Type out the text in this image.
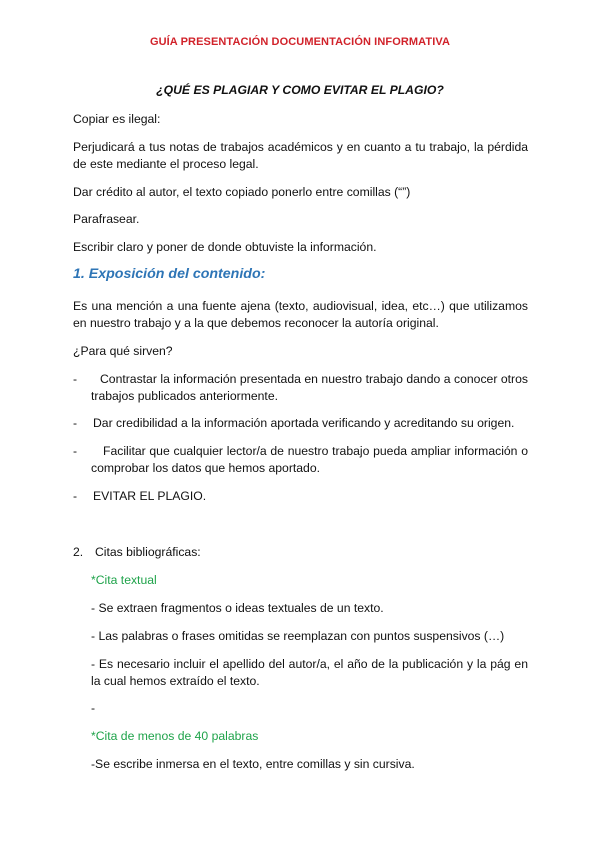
GUÍA PRESENTACIÓN DOCUMENTACIÓN INFORMATIVA
¿QUÉ ES PLAGIAR Y COMO EVITAR EL PLAGIO?
Copiar es ilegal:
Perjudicará a tus notas de trabajos académicos y en cuanto a tu trabajo, la pérdida
de este mediante el proceso legal.
Dar crédito al autor, el texto copiado ponerlo entre comillas (“”)
Parafrasear.
Escribir claro y poner de donde obtuviste la información.
1. Exposición del contenido:
Es una mención a una fuente ajena (texto, audiovisual, idea, etc…) que utilizamos
en nuestro trabajo y a la que debemos reconocer la autoría original.
¿Para qué sirven?
- Contrastar la información presentada en nuestro trabajo dando a conocer otros
trabajos publicados anteriormente.
- Dar credibilidad a la información aportada verificando y acreditando su origen.
- Facilitar que cualquier lector/a de nuestro trabajo pueda ampliar información o
comprobar los datos que hemos aportado.
- EVITAR EL PLAGIO.
2. Citas bibliográficas:
*Cita textual
- Se extraen fragmentos o ideas textuales de un texto.
- Las palabras o frases omitidas se reemplazan con puntos suspensivos (…)
- Es necesario incluir el apellido del autor/a, el año de la publicación y la pág en
la cual hemos extraído el texto.
-
*Cita de menos de 40 palabras
-Se escribe inmersa en el texto, entre comillas y sin cursiva.
